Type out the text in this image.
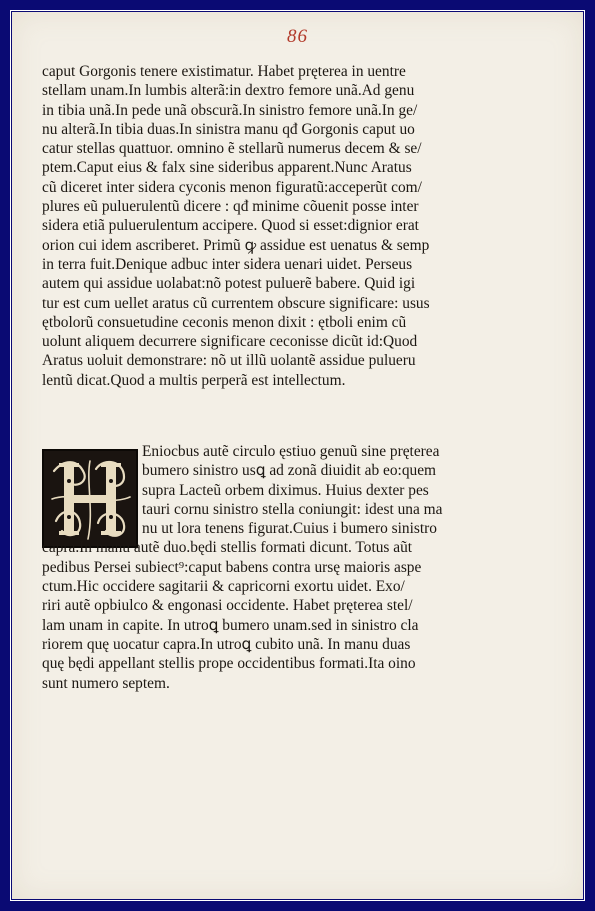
86
caput Gorgonis tenere existimatur. Habet pręterea in uentre
stellam unam.In lumbis alterã:in dextro femore unã.Ad genu
in tibia unã.In pede unã obscurã.In sinistro femore unã.In ge/
nu alterã.In tibia duas.In sinistra manu qđ Gorgonis caput uo
catur stellas quattuor. omnino ẽ stellarũ numerus decem & se/
ptem.Caput eius & falx sine sideribus apparent.Nunc Aratus
cũ diceret inter sidera cyconis menon figuratũ:acceperũt com/
plures eũ puluerulentũ dicere : qđ minime cõuenit posse inter
sidera etiã puluerulentum accipere. Quod si esset:dignior erat
orion cui idem ascriberet. Primũ ꝙ assidue est uenatus & semp
in terra fuit.Denique adbuc inter sidera uenari uidet. Perseus
autem qui assidue uolabat:nõ potest puluerẽ babere. Quid igi
tur est cum uellet aratus cũ currentem obscure significare: usus
ętbolorũ consuetudine ceconis menon dixit : ętboli enim cũ
uolunt aliquem decurrere significare ceconisse dicũt id:Quod
Aratus uoluit demonstrare: nõ ut illũ uolantẽ assidue pulueru
lentũ dicat.Quod a multis perperã est intellectum.
Eniocbus autẽ circulo ęstiuo genuũ sine pręterea
bumero sinistro usꝗ ad zonã diuidit ab eo:quem
supra Lacteũ orbem diximus. Huius dexter pes
tauri cornu sinistro stella coniungit: idest una ma
nu ut lora tenens figurat.Cuius i bumero sinistro
capra.In manu autẽ duo.będi stellis formati dicunt. Totus aũt
pedibus Persei subiect⁹:caput babens contra ursę maioris aspe
ctum.Hic occidere sagitarii & capricorni exortu uidet. Exo/
riri autẽ opbiulco & engonasi occidente. Habet pręterea stel/
lam unam in capite. In utroꝗ bumero unam.sed in sinistro cla
riorem quę uocatur capra.In utroꝗ cubito unã. In manu duas
quę będi appellant stellis prope occidentibus formati.Ita oino
sunt numero septem.
